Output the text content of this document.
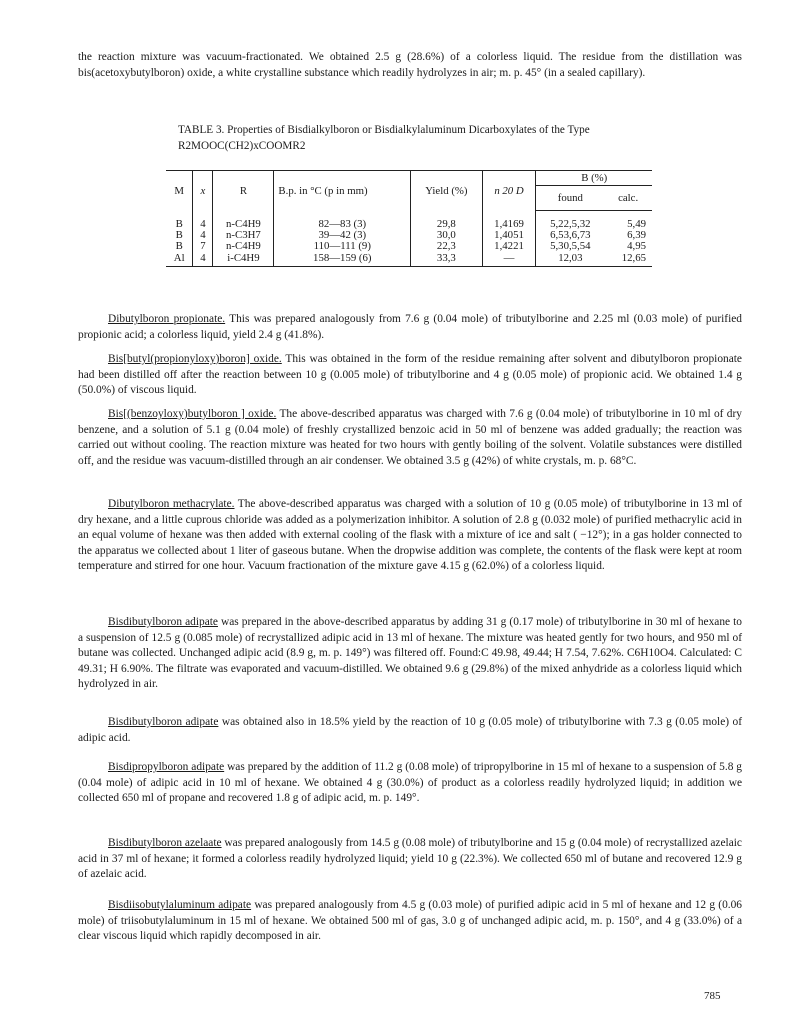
the reaction mixture was vacuum-fractionated. We obtained 2.5 g (28.6%) of a colorless liquid. The residue from the distillation was bis(acetoxybutylboron) oxide, a white crystalline substance which readily hydrolyzes in air; m. p. 45° (in a sealed capillary).

TABLE 3. Properties of Bisdialkylboron or Bisdialkylaluminum Dicarboxylates of the Type R2MOOC(CH2)xCOOMR2

M	x	R	B.p. in °C (p in mm)	Yield (%)	n 20 D	B (%)	
						found	calc.
B	4	n-C4H9	82—83 (3)	29,8	1,4169	5,22,5,32	5,49
B	4	n-C3H7	39—42 (3)	30,0	1,4051	6,53,6,73	6,39
B	7	n-C4H9	110—111 (9)	22,3	1,4221	5,30,5,54	4,95
Al	4	i-C4H9	158—159 (6)	33,3	—	12,03	12,65

Dibutylboron propionate. This was prepared analogously from 7.6 g (0.04 mole) of tributylborine and 2.25 ml (0.03 mole) of purified propionic acid; a colorless liquid, yield 2.4 g (41.8%).

Bis[butyl(propionyloxy)boron] oxide. This was obtained in the form of the residue remaining after solvent and dibutylboron propionate had been distilled off after the reaction between 10 g (0.005 mole) of tributylborine and 4 g (0.05 mole) of propionic acid. We obtained 1.4 g (50.0%) of viscous liquid.

Bis[(benzoyloxy)butylboron ] oxide. The above-described apparatus was charged with 7.6 g (0.04 mole) of tributylborine in 10 ml of dry benzene, and a solution of 5.1 g (0.04 mole) of freshly crystallized benzoic acid in 50 ml of benzene was added gradually; the reaction was carried out without cooling. The reaction mixture was heated for two hours with gently boiling of the solvent. Volatile substances were distilled off, and the residue was vacuum-distilled through an air condenser. We obtained 3.5 g (42%) of white crystals, m. p. 68°C.

Dibutylboron methacrylate. The above-described apparatus was charged with a solution of 10 g (0.05 mole) of tributylborine in 13 ml of dry hexane, and a little cuprous chloride was added as a polymerization inhibitor. A solution of 2.8 g (0.032 mole) of purified methacrylic acid in an equal volume of hexane was then added with external cooling of the flask with a mixture of ice and salt ( −12°); in a gas holder connected to the apparatus we collected about 1 liter of gaseous butane. When the dropwise addition was complete, the contents of the flask were kept at room temperature and stirred for one hour. Vacuum fractionation of the mixture gave 4.15 g (62.0%) of a colorless liquid.

Bisdibutylboron adipate was prepared in the above-described apparatus by adding 31 g (0.17 mole) of tributylborine in 30 ml of hexane to a suspension of 12.5 g (0.085 mole) of recrystallized adipic acid in 13 ml of hexane. The mixture was heated gently for two hours, and 950 ml of butane was collected. Unchanged adipic acid (8.9 g, m. p. 149°) was filtered off. Found:C 49.98, 49.44; H 7.54, 7.62%. C6H10O4. Calculated: C 49.31; H 6.90%. The filtrate was evaporated and vacuum-distilled. We obtained 9.6 g (29.8%) of the mixed anhydride as a colorless liquid which hydrolyzed in air.

Bisdibutylboron adipate was obtained also in 18.5% yield by the reaction of 10 g (0.05 mole) of tributylborine with 7.3 g (0.05 mole) of adipic acid.

Bisdipropylboron adipate was prepared by the addition of 11.2 g (0.08 mole) of tripropylborine in 15 ml of hexane to a suspension of 5.8 g (0.04 mole) of adipic acid in 10 ml of hexane. We obtained 4 g (30.0%) of product as a colorless readily hydrolyzed liquid; in addition we collected 650 ml of propane and recovered 1.8 g of adipic acid, m. p. 149°.

Bisdibutylboron azelaate was prepared analogously from 14.5 g (0.08 mole) of tributylborine and 15 g (0.04 mole) of recrystallized azelaic acid in 37 ml of hexane; it formed a colorless readily hydrolyzed liquid; yield 10 g (22.3%). We collected 650 ml of butane and recovered 12.9 g of azelaic acid.

Bisdiisobutylaluminum adipate was prepared analogously from 4.5 g (0.03 mole) of purified adipic acid in 5 ml of hexane and 12 g (0.06 mole) of triisobutylaluminum in 15 ml of hexane. We obtained 500 ml of gas, 3.0 g of unchanged adipic acid, m. p. 150°, and 4 g (33.0%) of a clear viscous liquid which rapidly decomposed in air.

785
